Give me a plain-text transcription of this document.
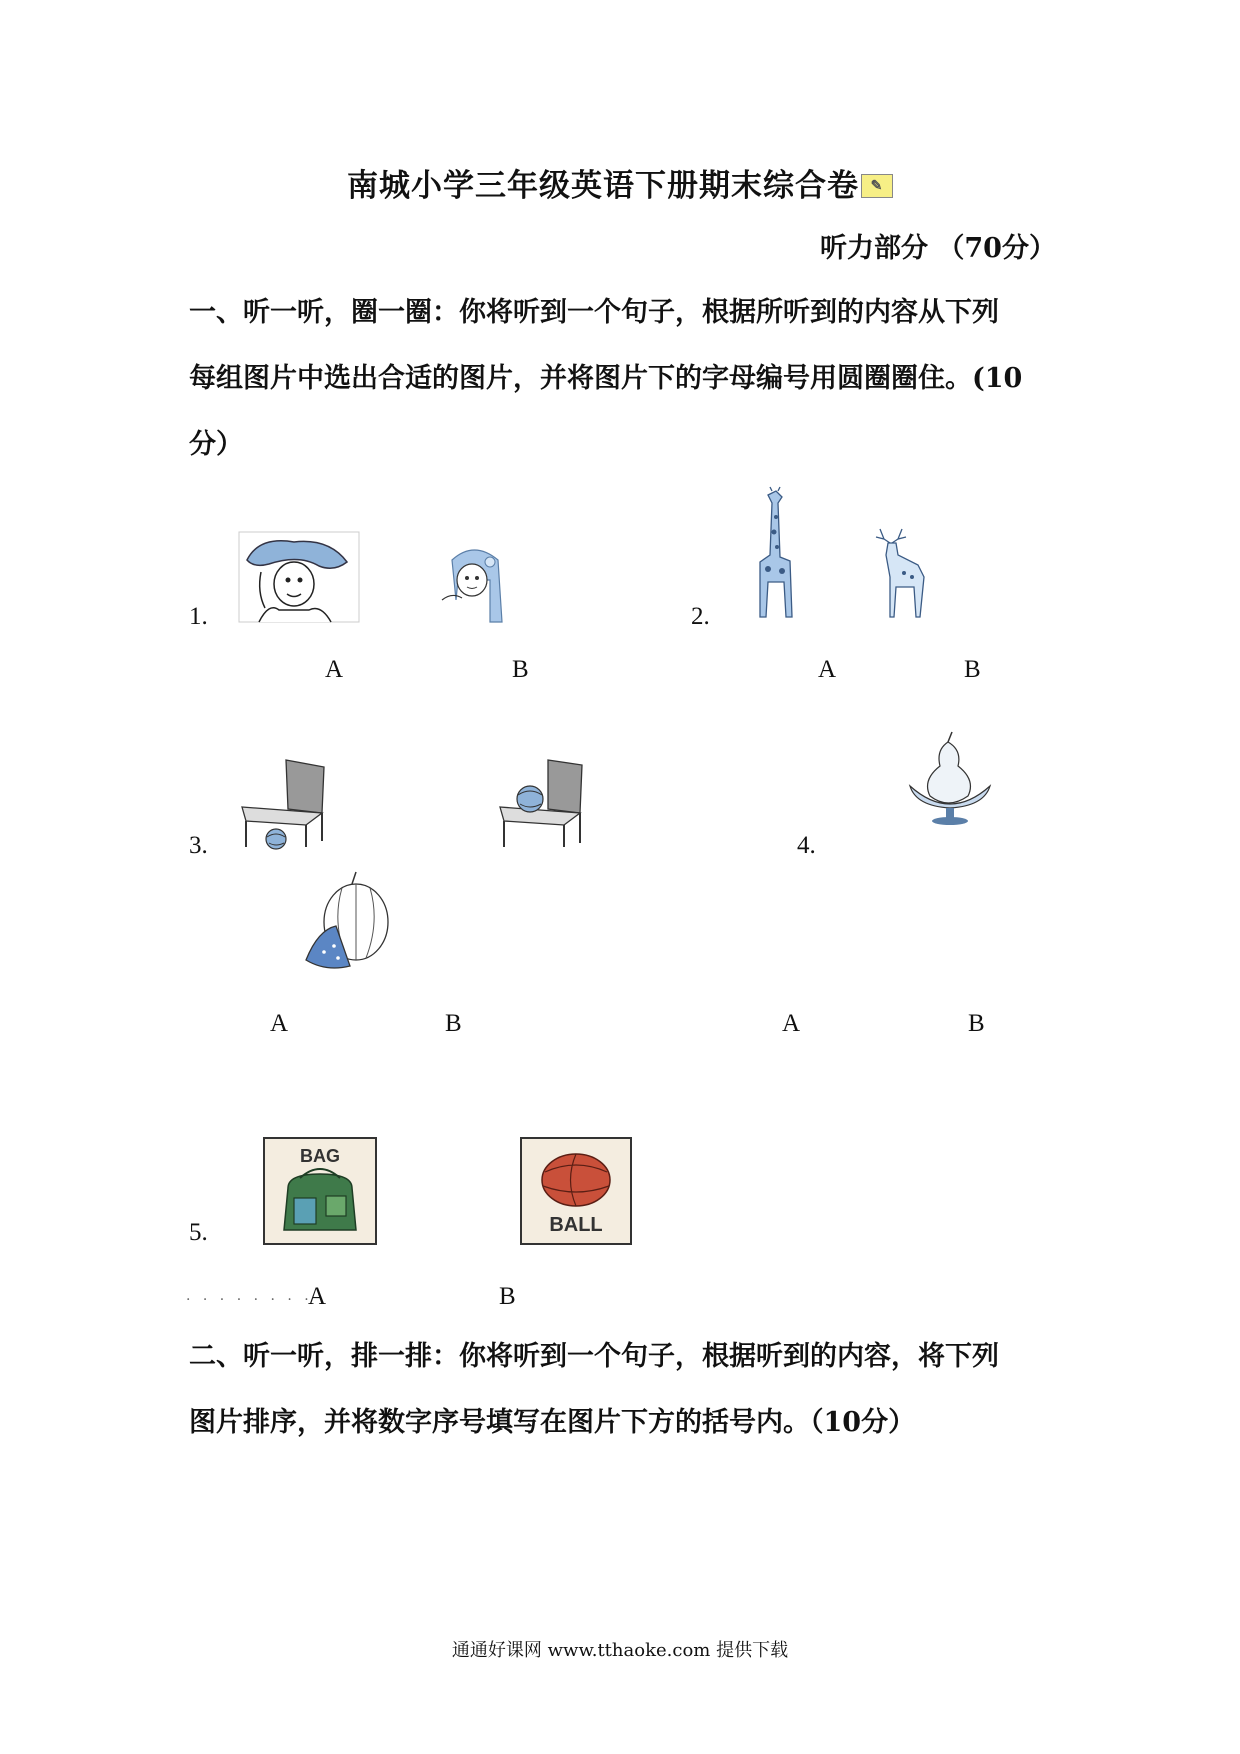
南城小学三年级英语下册期末综合卷 ✎
听力部分 （70分）
一、听一听，圈一圈：你将听到一个句子，根据所听到的内容从下列
每组图片中选出合适的图片，并将图片下的字母编号用圆圈圈住。(10
分）
1.
A	B
2.
A	B
3.	4.
A	B	A	B
5.
BAG
BALL
· · · · · · · ·
A	B
二、听一听，排一排：你将听到一个句子，根据听到的内容，将下列
图片排序，并将数字序号填写在图片下方的括号内。（10分）
通通好课网 www.tthaoke.com 提供下载
